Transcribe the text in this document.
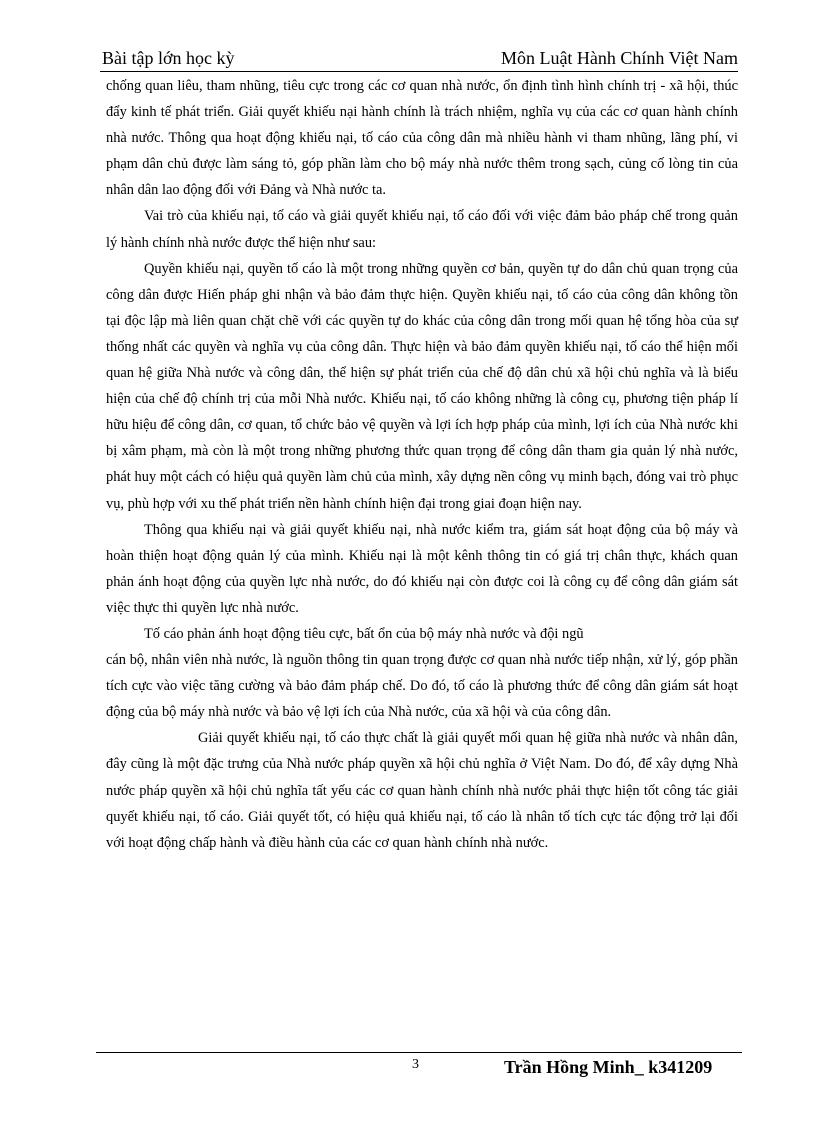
Bài tập lớn học kỳ	Môn Luật Hành Chính Việt Nam

chống quan liêu, tham nhũng, tiêu cực trong các cơ quan nhà nước, ổn định tình hình chính trị - xã hội, thúc đẩy kinh tế phát triển. Giải quyết khiếu nại hành chính là trách nhiệm, nghĩa vụ của các cơ quan hành chính nhà nước. Thông qua hoạt động khiếu nại, tố cáo của công dân mà nhiều hành vi tham nhũng, lãng phí, vi phạm dân chủ được làm sáng tỏ, góp phần làm cho bộ máy nhà nước thêm trong sạch, củng cố lòng tin của nhân dân lao động đối với Đảng và Nhà nước ta.

Vai trò của khiếu nại, tố cáo và giải quyết khiếu nại, tố cáo đối với việc đảm bảo pháp chế trong quản lý hành chính nhà nước được thể hiện như sau:

Quyền khiếu nại, quyền tố cáo là một trong những quyền cơ bản, quyền tự do dân chủ quan trọng của công dân được Hiến pháp ghi nhận và bảo đảm thực hiện. Quyền khiếu nại, tố cáo của công dân không tồn tại độc lập mà liên quan chặt chẽ với các quyền tự do khác của công dân trong mối quan hệ tổng hòa của sự thống nhất các quyền và nghĩa vụ của công dân. Thực hiện và bảo đảm quyền khiếu nại, tố cáo thể hiện mối quan hệ giữa Nhà nước và công dân, thể hiện sự phát triển của chế độ dân chủ xã hội chủ nghĩa và là biểu hiện của chế độ chính trị của mỗi Nhà nước. Khiếu nại, tố cáo không những là công cụ, phương tiện pháp lí hữu hiệu để công dân, cơ quan, tổ chức bảo vệ quyền và lợi ích hợp pháp của mình, lợi ích của Nhà nước khi bị xâm phạm, mà còn là một trong những phương thức quan trọng để công dân tham gia quản lý nhà nước, phát huy một cách có hiệu quả quyền làm chủ của mình, xây dựng nền công vụ minh bạch, đóng vai trò phục vụ, phù hợp với xu thế phát triển nền hành chính hiện đại trong giai đoạn hiện nay.

Thông qua khiếu nại và giải quyết khiếu nại, nhà nước kiểm tra, giám sát hoạt động của bộ máy và hoàn thiện hoạt động quản lý của mình. Khiếu nại là một kênh thông tin có giá trị chân thực, khách quan phản ánh hoạt động của quyền lực nhà nước, do đó khiếu nại còn được coi là công cụ để công dân giám sát việc thực thi quyền lực nhà nước.

Tố cáo phản ánh hoạt động tiêu cực, bất ổn của bộ máy nhà nước và đội ngũ

cán bộ, nhân viên nhà nước, là nguồn thông tin quan trọng được cơ quan nhà nước tiếp nhận, xử lý, góp phần tích cực vào việc tăng cường và bảo đảm pháp chế. Do đó, tố cáo là phương thức để công dân giám sát hoạt động của bộ máy nhà nước và bảo vệ lợi ích của Nhà nước, của xã hội và của công dân.

Giải quyết khiếu nại, tố cáo thực chất là giải quyết mối quan hệ giữa nhà nước và nhân dân, đây cũng là một đặc trưng của Nhà nước pháp quyền xã hội chủ nghĩa ở Việt Nam. Do đó, để xây dựng Nhà nước pháp quyền xã hội chủ nghĩa tất yếu các cơ quan hành chính nhà nước phải thực hiện tốt công tác giải quyết khiếu nại, tố cáo. Giải quyết tốt, có hiệu quả khiếu nại, tố cáo là nhân tố tích cực tác động trở lại đối với hoạt động chấp hành và điều hành của các cơ quan hành chính nhà nước.

3	Trần Hồng Minh_ k341209
